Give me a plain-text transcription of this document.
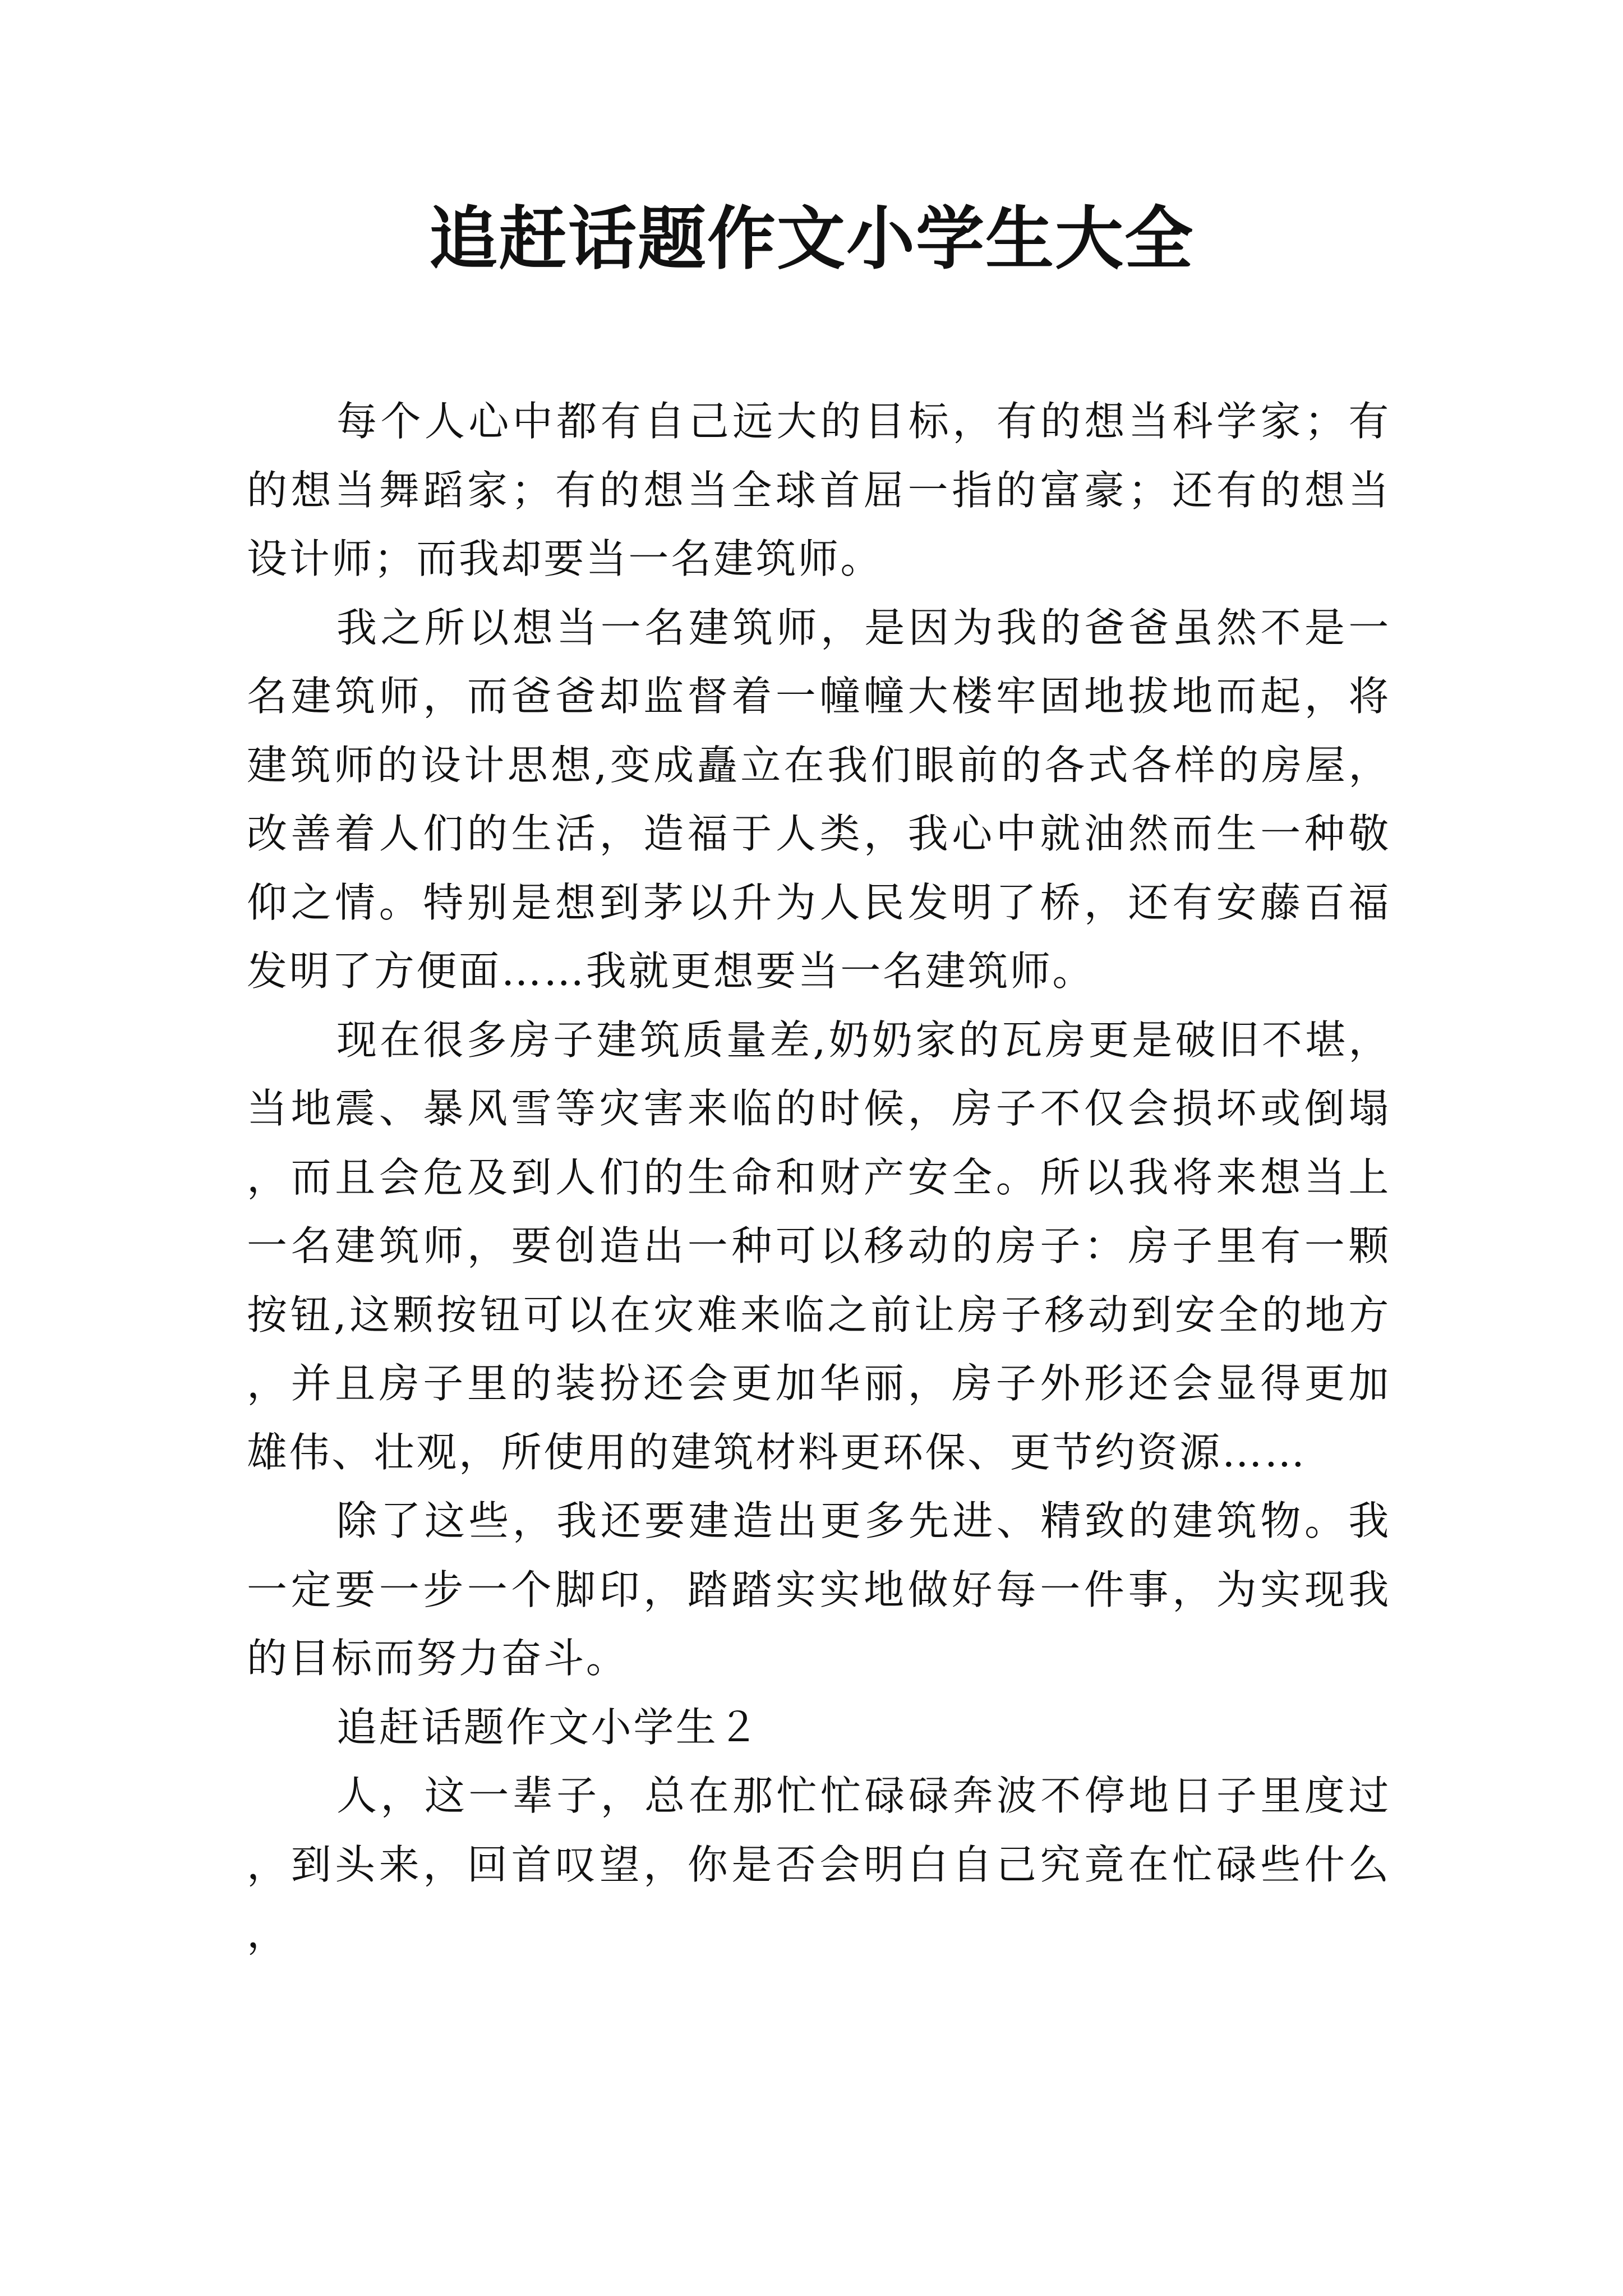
追赶话题作文小学生大全

每个人心中都有自己远大的目标，有的想当科学家；有的想当舞蹈家；有的想当全球首屈一指的富豪；还有的想当设计师；而我却要当一名建筑师。

我之所以想当一名建筑师，是因为我的爸爸虽然不是一名建筑师，而爸爸却监督着一幢幢大楼牢固地拔地而起，将建筑师的设计思想,变成矗立在我们眼前的各式各样的房屋，改善着人们的生活，造福于人类，我心中就油然而生一种敬仰之情。特别是想到茅以升为人民发明了桥，还有安藤百福发明了方便面……我就更想要当一名建筑师。

现在很多房子建筑质量差,奶奶家的瓦房更是破旧不堪，当地震、暴风雪等灾害来临的时候，房子不仅会损坏或倒塌，而且会危及到人们的生命和财产安全。所以我将来想当上一名建筑师，要创造出一种可以移动的房子：房子里有一颗按钮,这颗按钮可以在灾难来临之前让房子移动到安全的地方，并且房子里的装扮还会更加华丽，房子外形还会显得更加雄伟、壮观，所使用的建筑材料更环保、更节约资源……

除了这些，我还要建造出更多先进、精致的建筑物。我一定要一步一个脚印，踏踏实实地做好每一件事，为实现我的目标而努力奋斗。

追赶话题作文小学生２

人，这一辈子，总在那忙忙碌碌奔波不停地日子里度过，到头来，回首叹望，你是否会明白自己究竟在忙碌些什么，
